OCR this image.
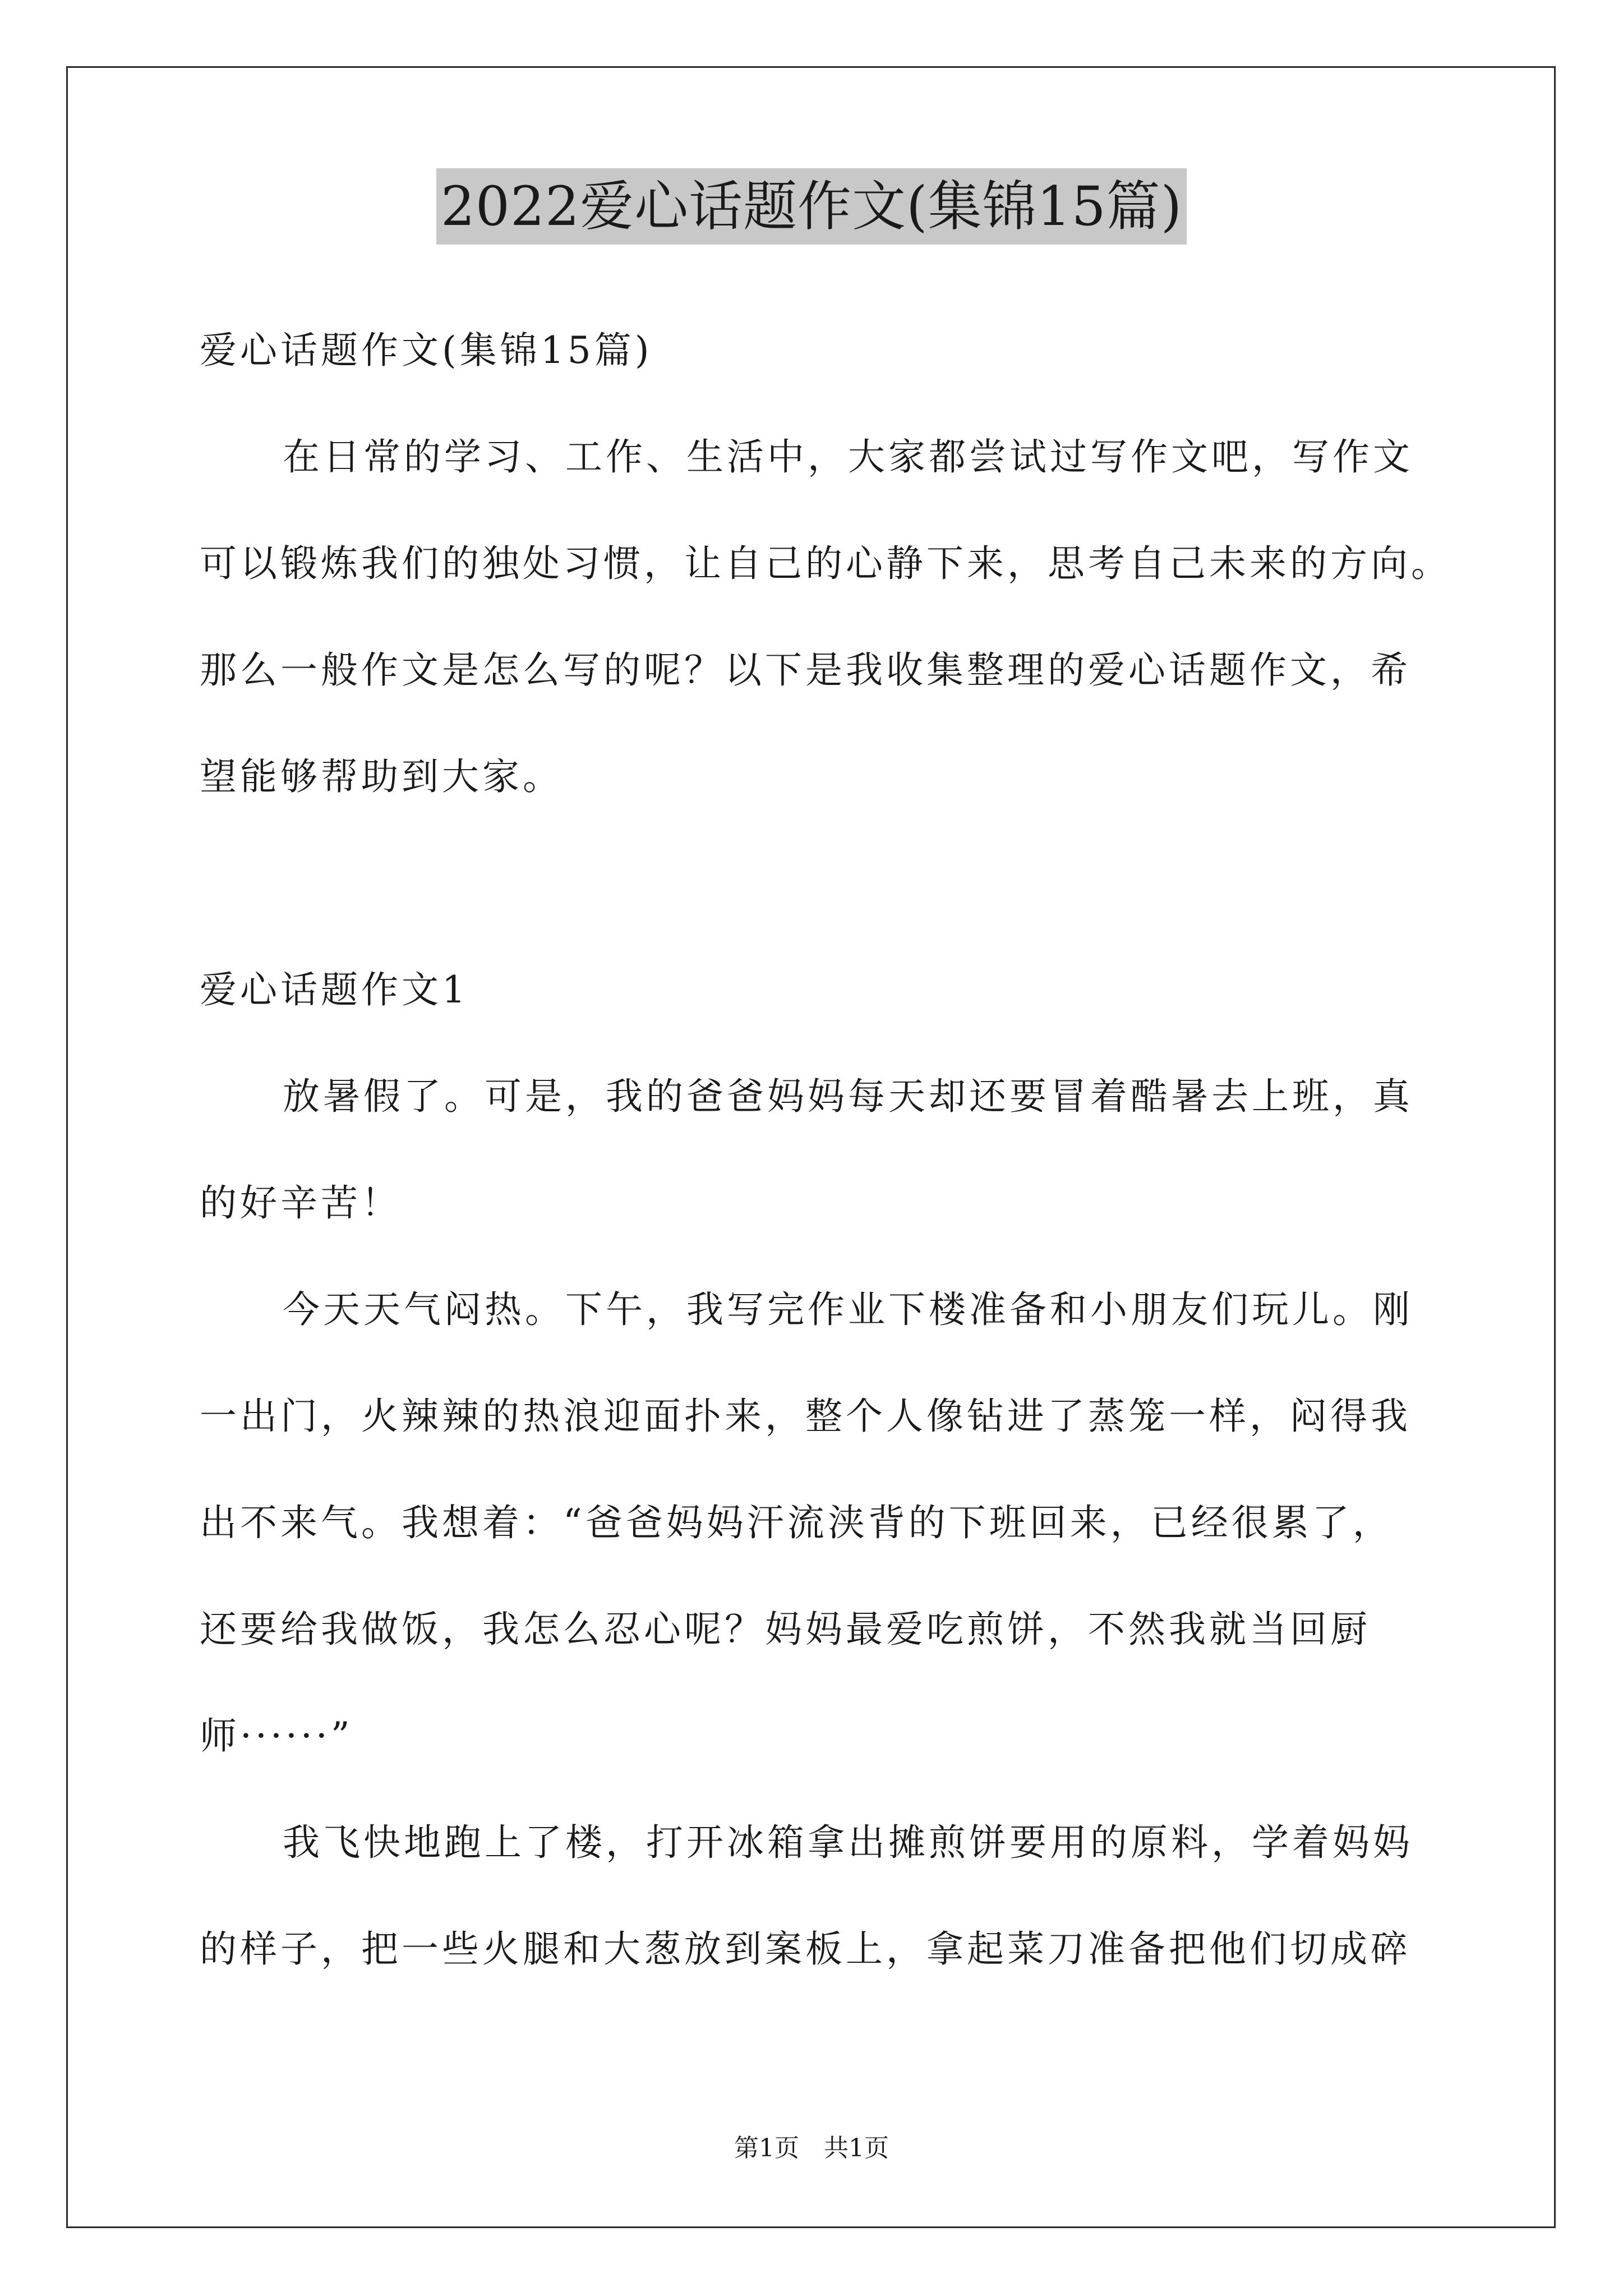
2022爱心话题作文(集锦15篇)
爱心话题作文(集锦15篇)
在日常的学习、工作、生活中，大家都尝试过写作文吧，写作文
可以锻炼我们的独处习惯，让自己的心静下来，思考自己未来的方向。
那么一般作文是怎么写的呢？以下是我收集整理的爱心话题作文，希
望能够帮助到大家。
爱心话题作文1
放暑假了。可是，我的爸爸妈妈每天却还要冒着酷暑去上班，真
的好辛苦！
今天天气闷热。下午，我写完作业下楼准备和小朋友们玩儿。刚
一出门，火辣辣的热浪迎面扑来，整个人像钻进了蒸笼一样，闷得我
出不来气。我想着：“爸爸妈妈汗流浃背的下班回来，已经很累了，
还要给我做饭，我怎么忍心呢？妈妈最爱吃煎饼，不然我就当回厨
师······”
我飞快地跑上了楼，打开冰箱拿出摊煎饼要用的原料，学着妈妈
的样子，把一些火腿和大葱放到案板上，拿起菜刀准备把他们切成碎
第1页　共1页
